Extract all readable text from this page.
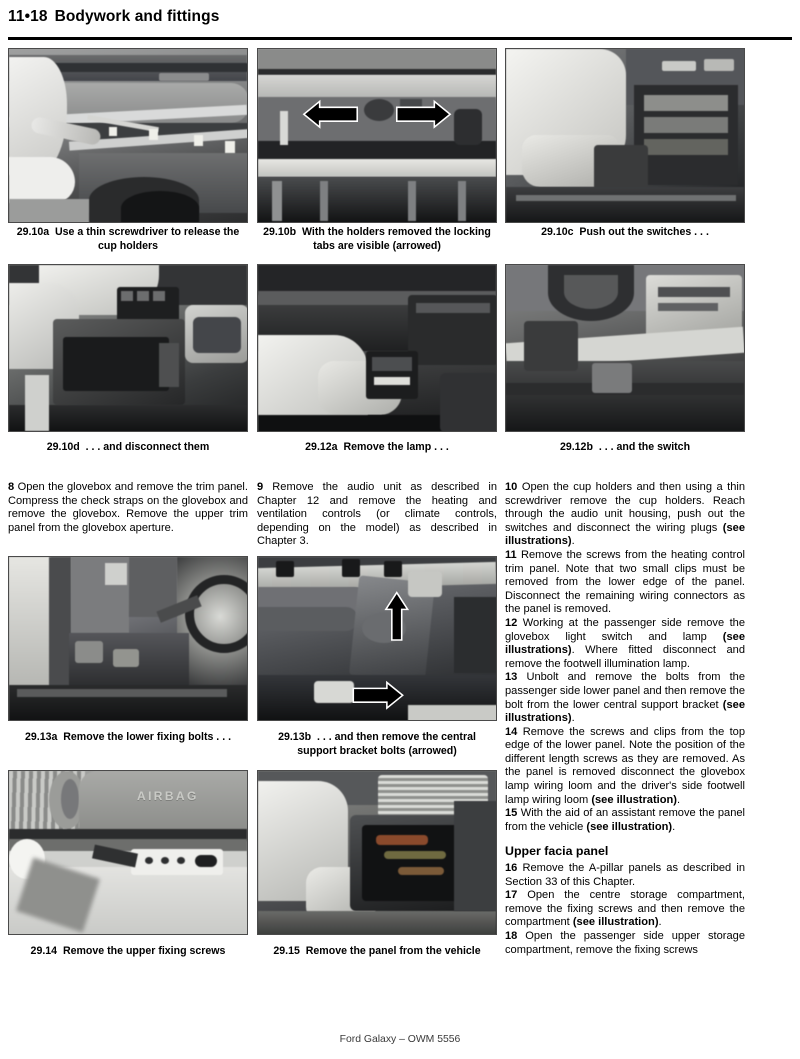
11•18 Bodywork and fittings
29.10a Use a thin screwdriver to release the cup holders
29.10b With the holders removed the locking tabs are visible (arrowed)
29.10c Push out the switches . . .
29.10d . . . and disconnect them	29.12a Remove the lamp . . .	29.12b . . . and the switch

8 Open the glovebox and remove the trim panel. Compress the check straps on the glovebox and remove the glovebox. Remove the upper trim panel from the glovebox aperture.

9 Remove the audio unit as described in Chapter 12 and remove the heating and ventilation controls (or climate controls, depending on the model) as described in Chapter 3.

10 Open the cup holders and then using a thin screwdriver remove the cup holders. Reach through the audio unit housing, push out the switches and disconnect the wiring plugs (see illustrations).

11 Remove the screws from the heating control trim panel. Note that two small clips must be removed from the lower edge of the panel. Disconnect the remaining wiring connectors as the panel is removed.

12 Working at the passenger side remove the glovebox light switch and lamp (see illustrations). Where fitted disconnect and remove the footwell illumination lamp.

13 Unbolt and remove the bolts from the passenger side lower panel and then remove the bolt from the lower central support bracket (see illustrations).

14 Remove the screws and clips from the top edge of the lower panel. Note the position of the different length screws as they are removed. As the panel is removed disconnect the glovebox lamp wiring loom and the driver's side footwell lamp wiring loom (see illustration).

15 With the aid of an assistant remove the panel from the vehicle (see illustration).

Upper facia panel

16 Remove the A-pillar panels as described in Section 33 of this Chapter.

17 Open the centre storage compartment, remove the fixing screws and then remove the compartment (see illustration).

18 Open the passenger side upper storage compartment, remove the fixing screws

29.13a Remove the lower fixing bolts . . .	29.13b . . . and then remove the central support bracket bolts (arrowed)
AIRBAG
29.14 Remove the upper fixing screws	29.15 Remove the panel from the vehicle
Ford Galaxy – OWM 5556
